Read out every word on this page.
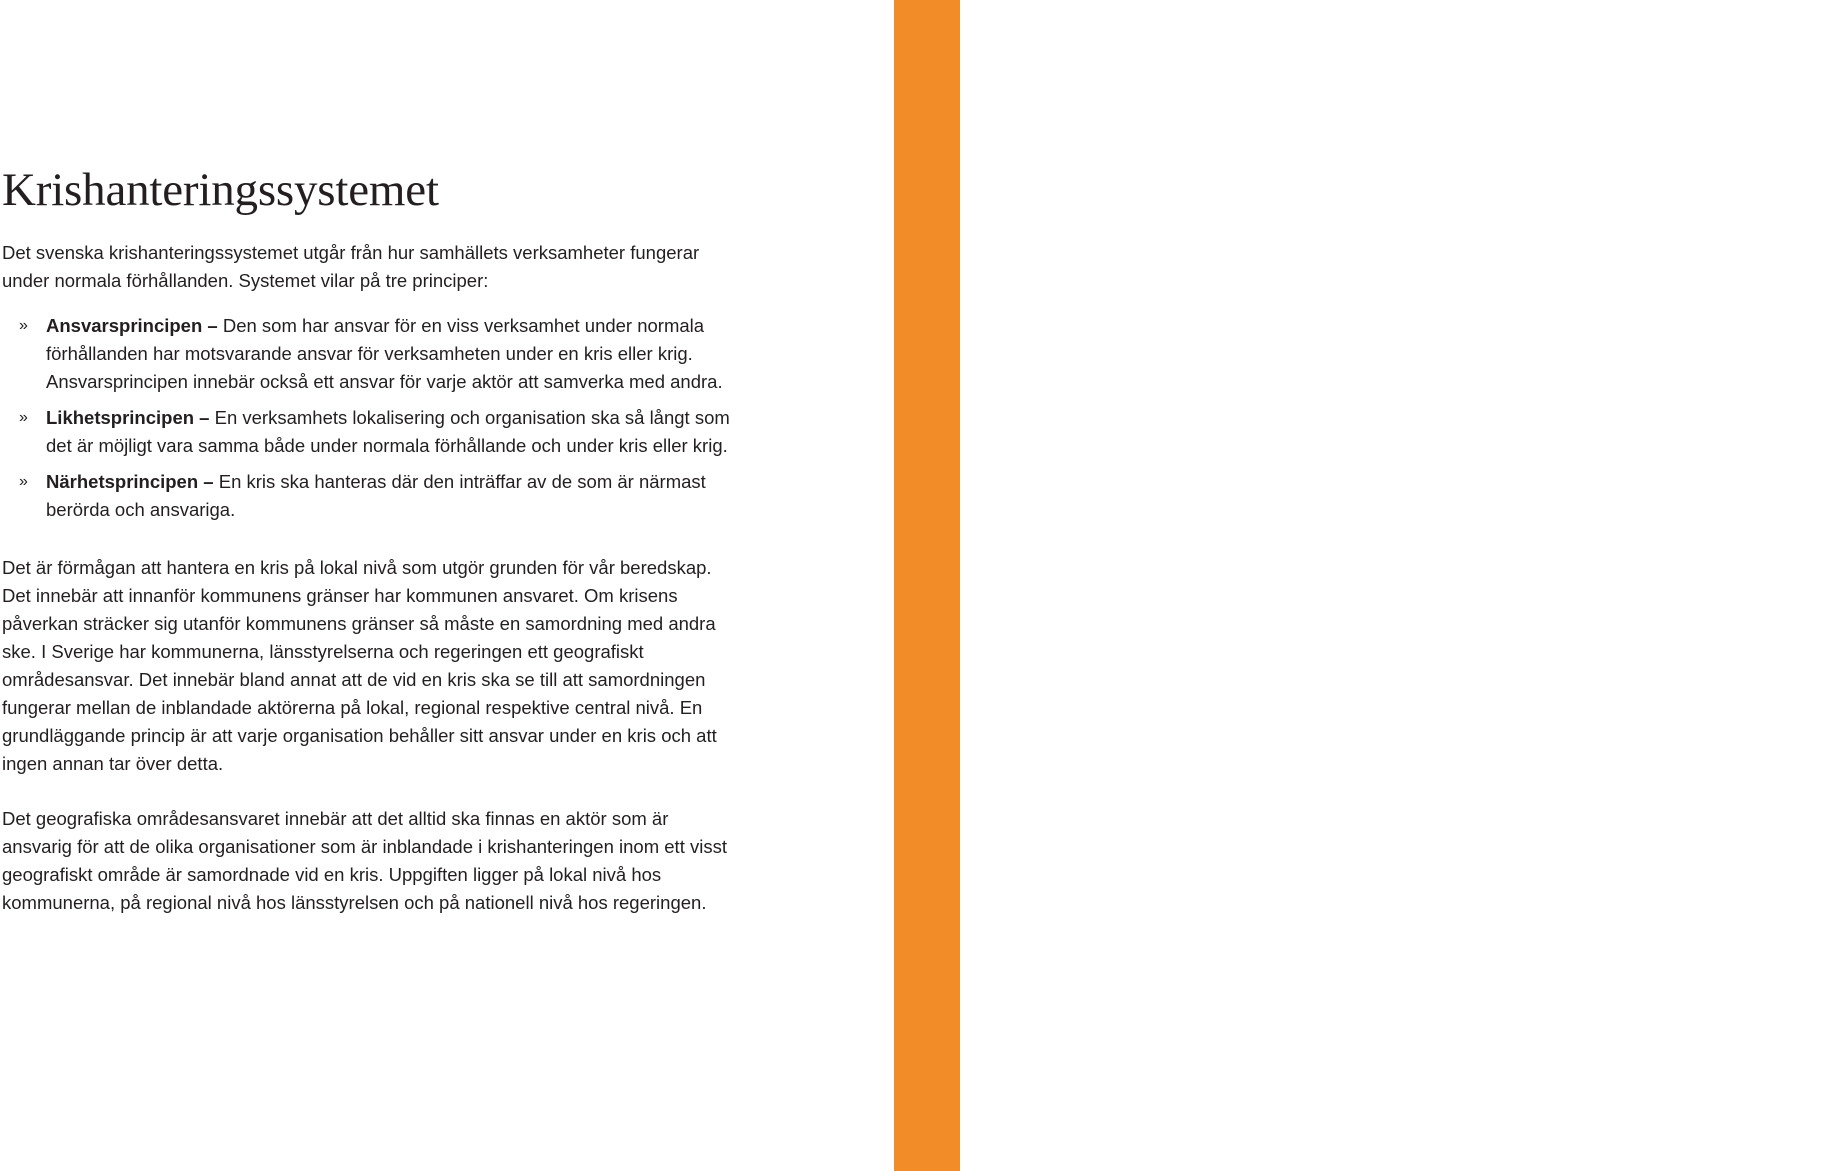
5
Krishanteringssystemet

Det svenska krishanteringssystemet utgår från hur samhällets verksamheter fungerar under normala förhållanden. Systemet vilar på tre principer:

» Ansvarsprincipen – Den som har ansvar för en viss verksamhet under normala förhållanden har motsvarande ansvar för verksamheten under en kris eller krig. Ansvarsprincipen innebär också ett ansvar för varje aktör att samverka med andra.
» Likhetsprincipen – En verksamhets lokalisering och organisation ska så långt som det är möjligt vara samma både under normala förhållande och under kris eller krig.
» Närhetsprincipen – En kris ska hanteras där den inträffar av de som är närmast berörda och ansvariga.

Det är förmågan att hantera en kris på lokal nivå som utgör grunden för vår beredskap. Det innebär att innanför kommunens gränser har kommunen ansvaret. Om krisens påverkan sträcker sig utanför kommunens gränser så måste en samordning med andra ske. I Sverige har kommunerna, länsstyrelserna och regeringen ett geografiskt områdesansvar. Det innebär bland annat att de vid en kris ska se till att samordningen fungerar mellan de inblandade aktörerna på lokal, regional respektive central nivå. En grundläggande princip är att varje organisation behåller sitt ansvar under en kris och att ingen annan tar över detta.

Det geografiska områdesansvaret innebär att det alltid ska finnas en aktör som är ansvarig för att de olika organisationer som är inblandade i krishanteringen inom ett visst geografiskt område är samordnade vid en kris. Uppgiften ligger på lokal nivå hos kommunerna, på regional nivå hos länsstyrelsen och på nationell nivå hos regeringen.
